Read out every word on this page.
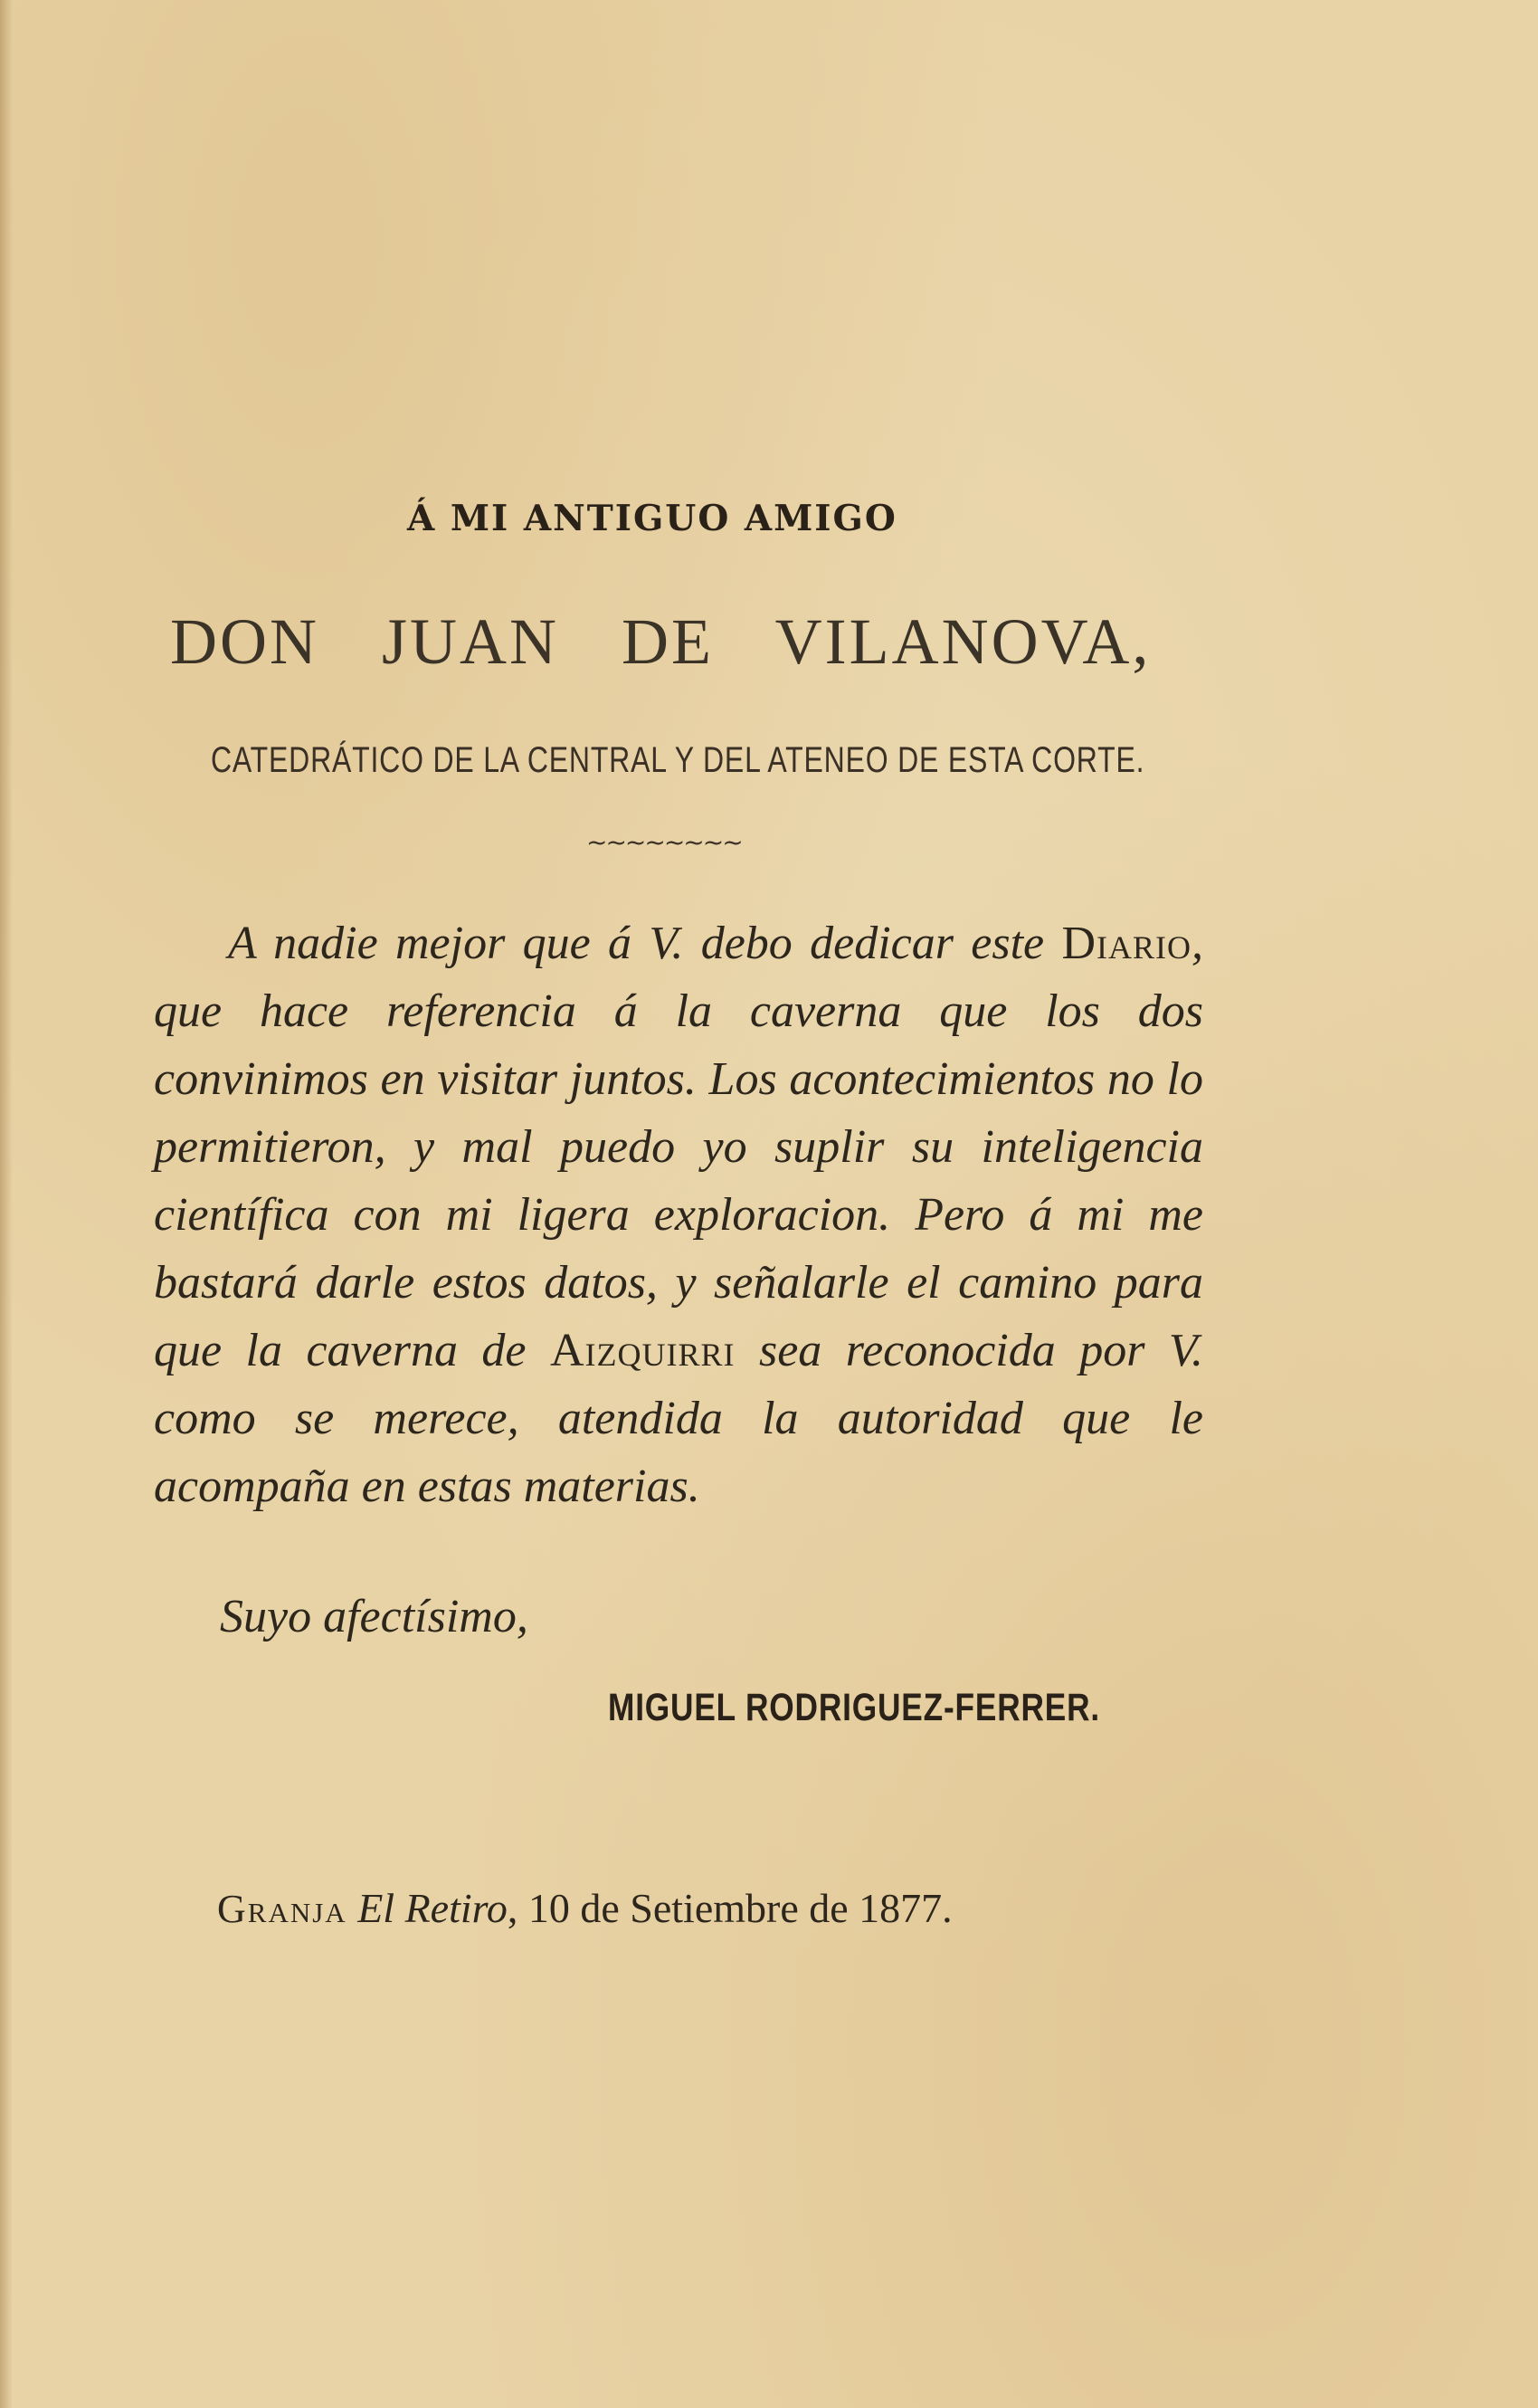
Á MI ANTIGUO AMIGO
DON JUAN DE VILANOVA,
CATEDRÁTICO DE LA CENTRAL Y DEL ATENEO DE ESTA CORTE.
~~~~~~~~

A nadie mejor que á V. debo dedicar este Diario, que hace referencia á la caverna que los dos convinimos en visitar juntos. Los acontecimientos no lo permitieron, y mal puedo yo suplir su inteligencia científica con mi ligera exploracion. Pero á mi me bastará darle estos datos, y señalarle el camino para que la caverna de Aizquirri sea reconocida por V. como se merece, atendida la autoridad que le acompaña en estas materias.

Suyo afectísimo,
MIGUEL RODRIGUEZ-FERRER.
Granja El Retiro, 10 de Setiembre de 1877.
